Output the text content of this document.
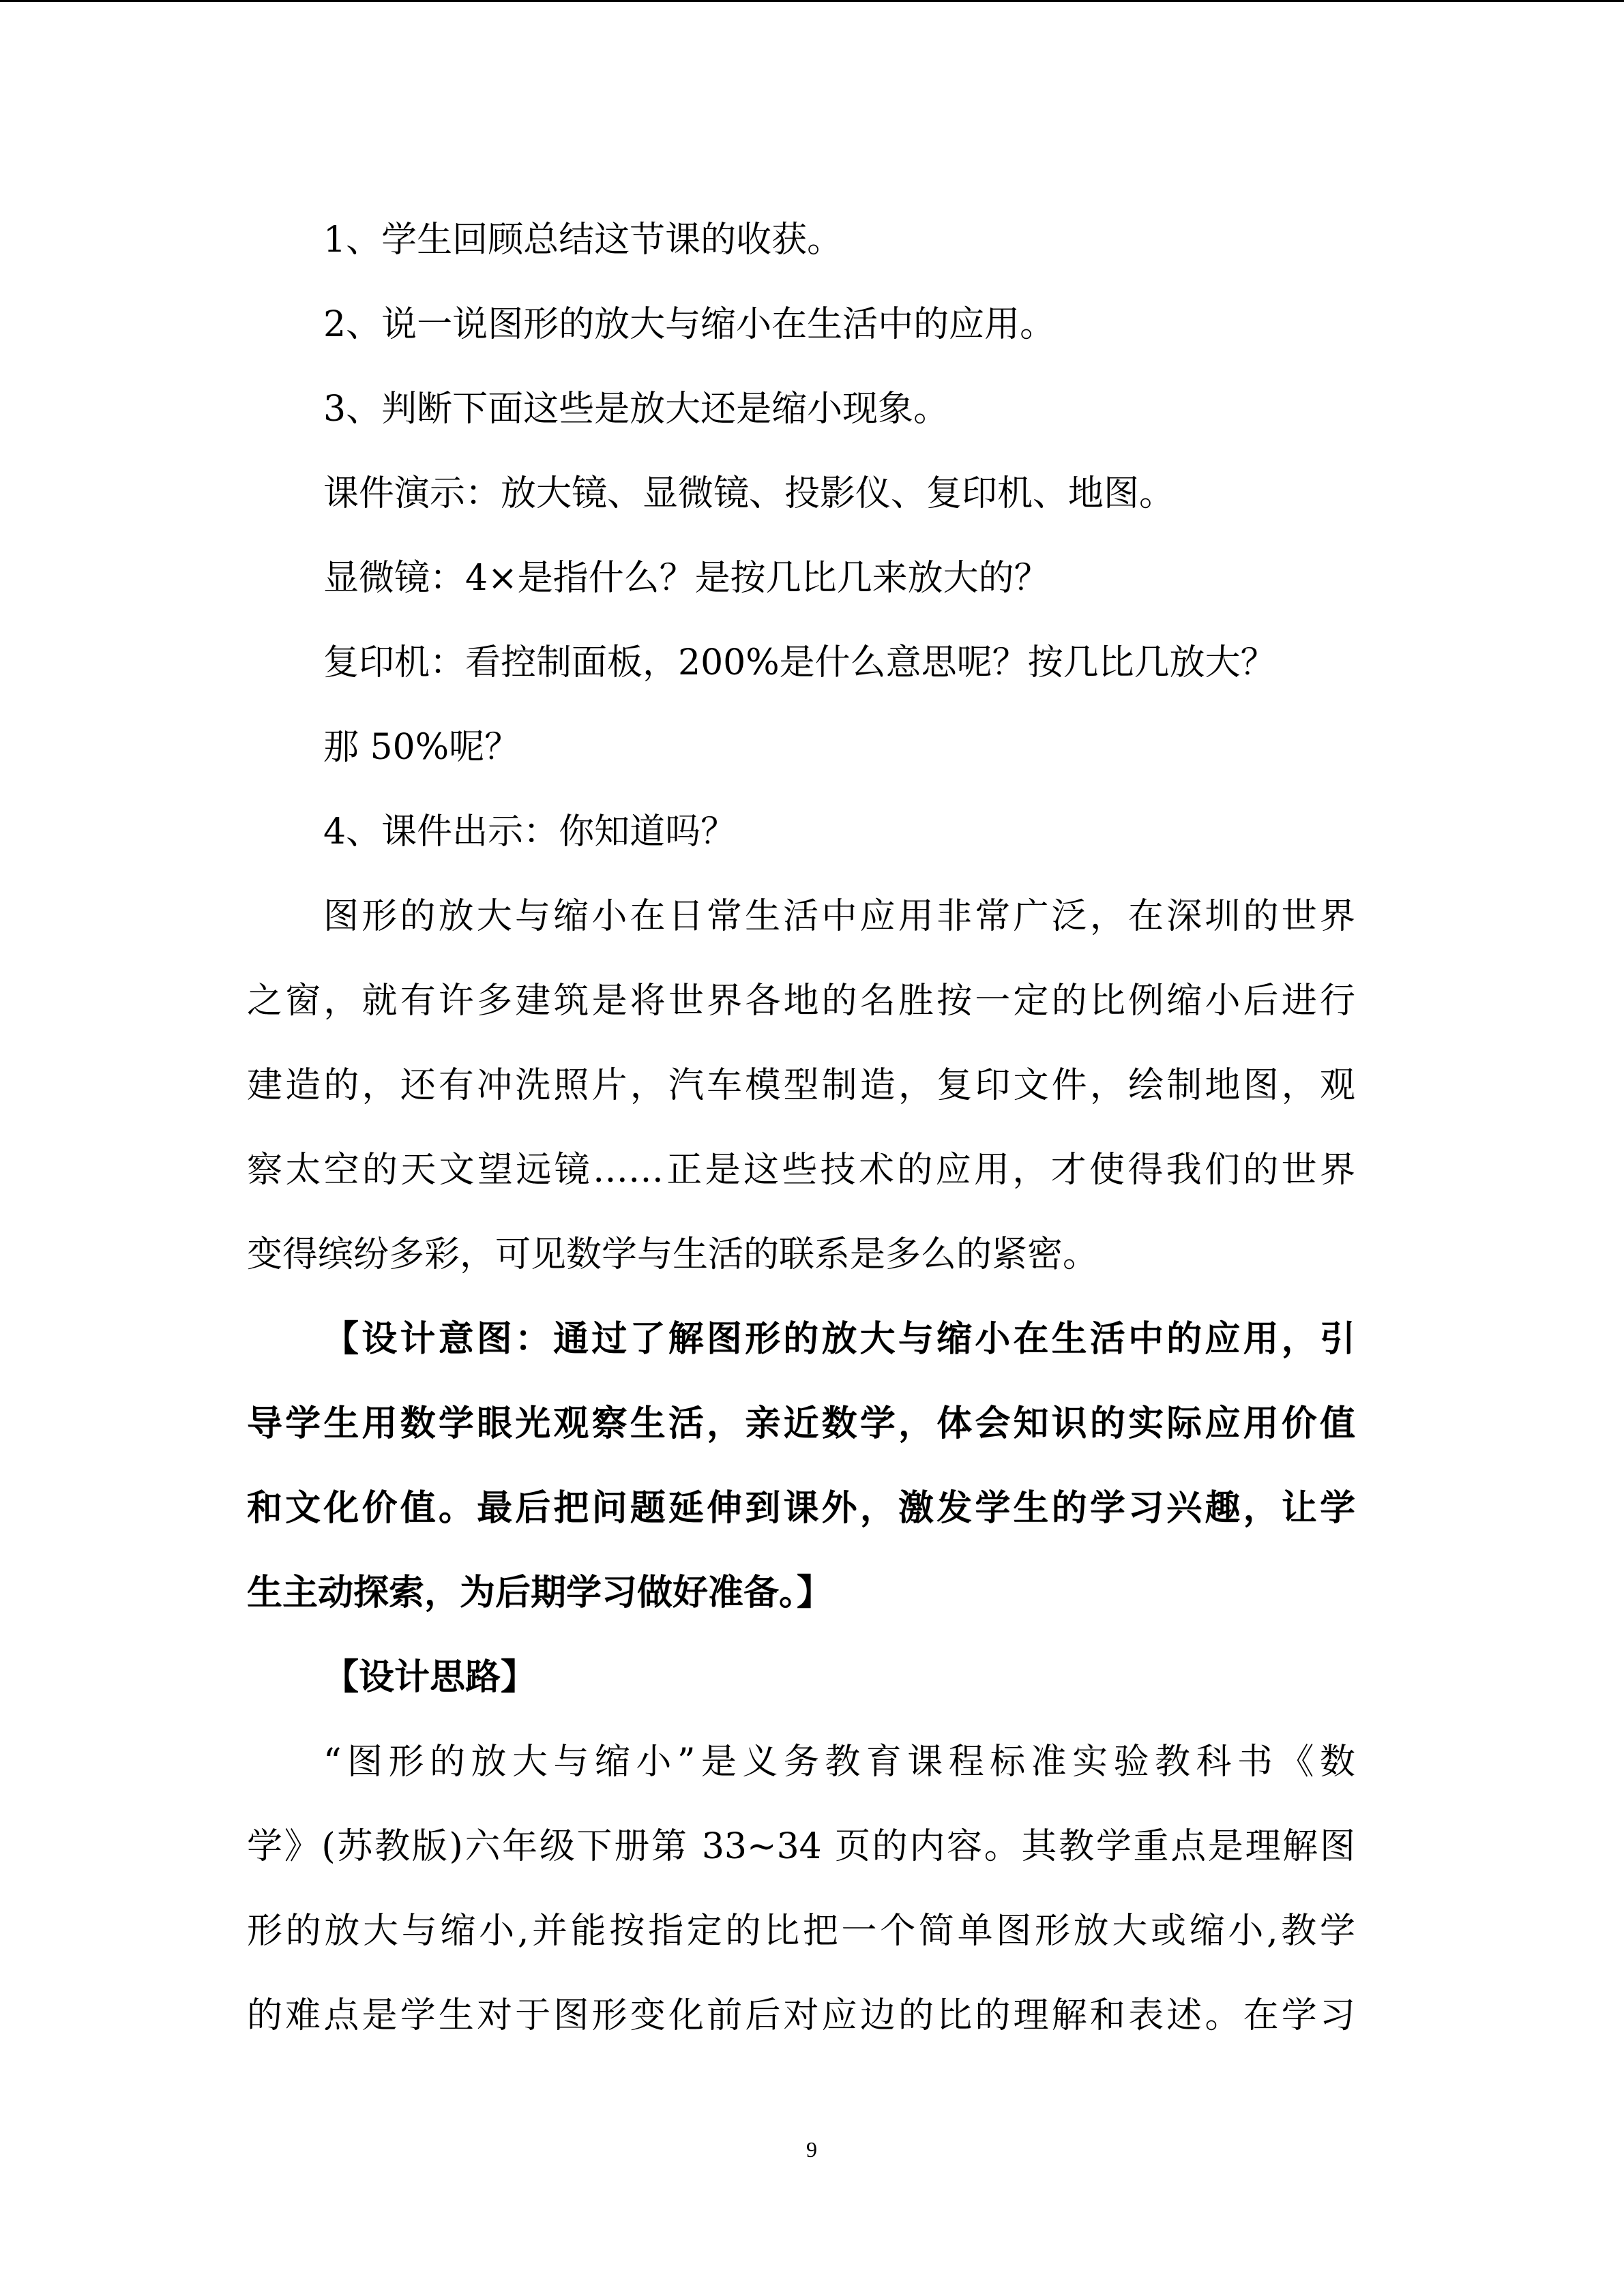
1、学生回顾总结这节课的收获。
2、说一说图形的放大与缩小在生活中的应用。
3、判断下面这些是放大还是缩小现象。
课件演示：放大镜、显微镜、投影仪、复印机、地图。
显微镜：4×是指什么？是按几比几来放大的？
复印机：看控制面板，200%是什么意思呢？按几比几放大？
那 50%呢？
4、课件出示：你知道吗？
图形的放大与缩小在日常生活中应用非常广泛，在深圳的世界
之窗，就有许多建筑是将世界各地的名胜按一定的比例缩小后进行
建造的，还有冲洗照片，汽车模型制造，复印文件，绘制地图，观
察太空的天文望远镜……正是这些技术的应用，才使得我们的世界
变得缤纷多彩，可见数学与生活的联系是多么的紧密。
【设计意图：通过了解图形的放大与缩小在生活中的应用，引
导学生用数学眼光观察生活，亲近数学，体会知识的实际应用价值
和文化价值。最后把问题延伸到课外，激发学生的学习兴趣，让学
生主动探索，为后期学习做好准备。】
【设计思路】
“图形的放大与缩小”是义务教育课程标准实验教科书《数
学》(苏教版)六年级下册第 33~34 页的内容。其教学重点是理解图
形的放大与缩小,并能按指定的比把一个简单图形放大或缩小,教学
的难点是学生对于图形变化前后对应边的比的理解和表述。在学习
9
